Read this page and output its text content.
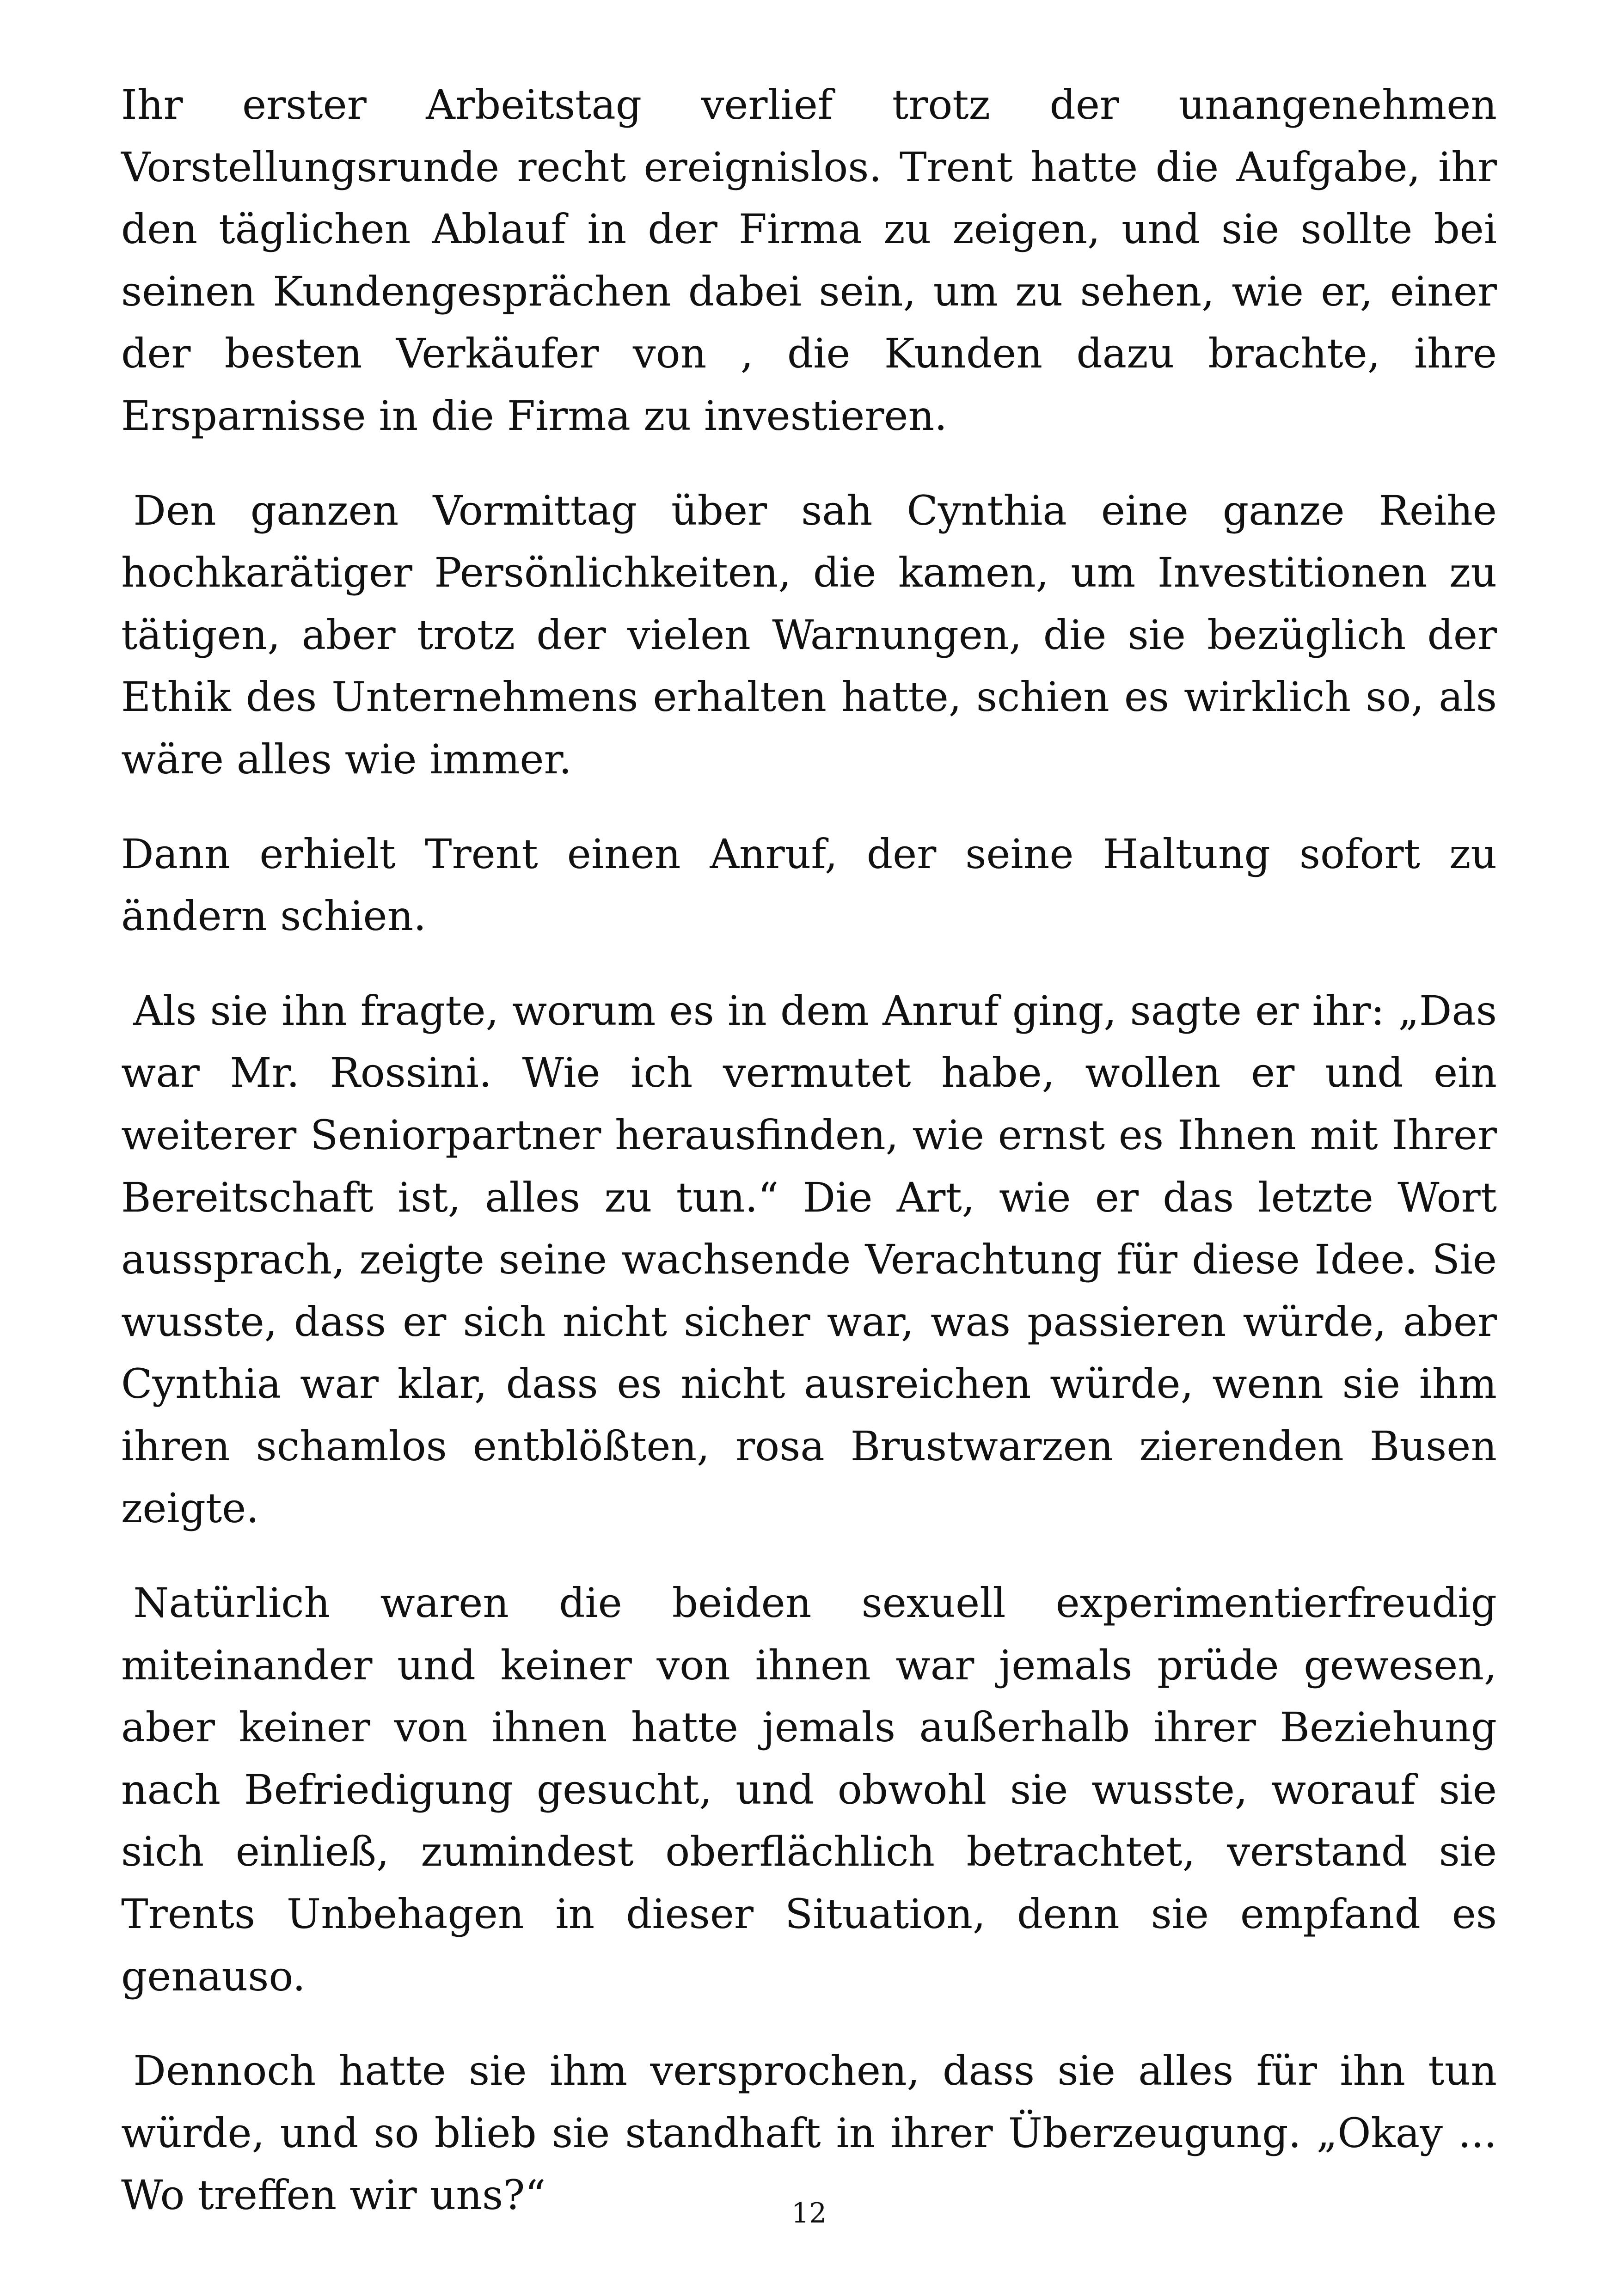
Ihr erster Arbeitstag verlief trotz der unangenehmen Vorstellungsrunde recht ereignislos. Trent hatte die Aufgabe, ihr den täglichen Ablauf in der Firma zu zeigen, und sie sollte bei seinen Kundengesprächen dabei sein, um zu sehen, wie er, einer der besten Verkäufer von , die Kunden dazu brachte, ihre Ersparnisse in die Firma zu investieren.

Den ganzen Vormittag über sah Cynthia eine ganze Reihe hochkarätiger Persönlichkeiten, die kamen, um Investitionen zu tätigen, aber trotz der vielen Warnungen, die sie bezüglich der Ethik des Unternehmens erhalten hatte, schien es wirklich so, als wäre alles wie immer.

Dann erhielt Trent einen Anruf, der seine Haltung sofort zu ändern schien.

Als sie ihn fragte, worum es in dem Anruf ging, sagte er ihr: „Das war Mr. Rossini. Wie ich vermutet habe, wollen er und ein weiterer Seniorpartner herausfinden, wie ernst es Ihnen mit Ihrer Bereitschaft ist, alles zu tun.“ Die Art, wie er das letzte Wort aussprach, zeigte seine wachsende Verachtung für diese Idee. Sie wusste, dass er sich nicht sicher war, was passieren würde, aber Cynthia war klar, dass es nicht ausreichen würde, wenn sie ihm ihren schamlos entblößten, rosa Brustwarzen zierenden Busen zeigte.

Natürlich waren die beiden sexuell experimentierfreudig miteinander und keiner von ihnen war jemals prüde gewesen, aber keiner von ihnen hatte jemals außerhalb ihrer Beziehung nach Befriedigung gesucht, und obwohl sie wusste, worauf sie sich einließ, zumindest oberflächlich betrachtet, verstand sie Trents Unbehagen in dieser Situation, denn sie empfand es genauso.

Dennoch hatte sie ihm versprochen, dass sie alles für ihn tun würde, und so blieb sie standhaft in ihrer Überzeugung. „Okay ... Wo treffen wir uns?“	12
